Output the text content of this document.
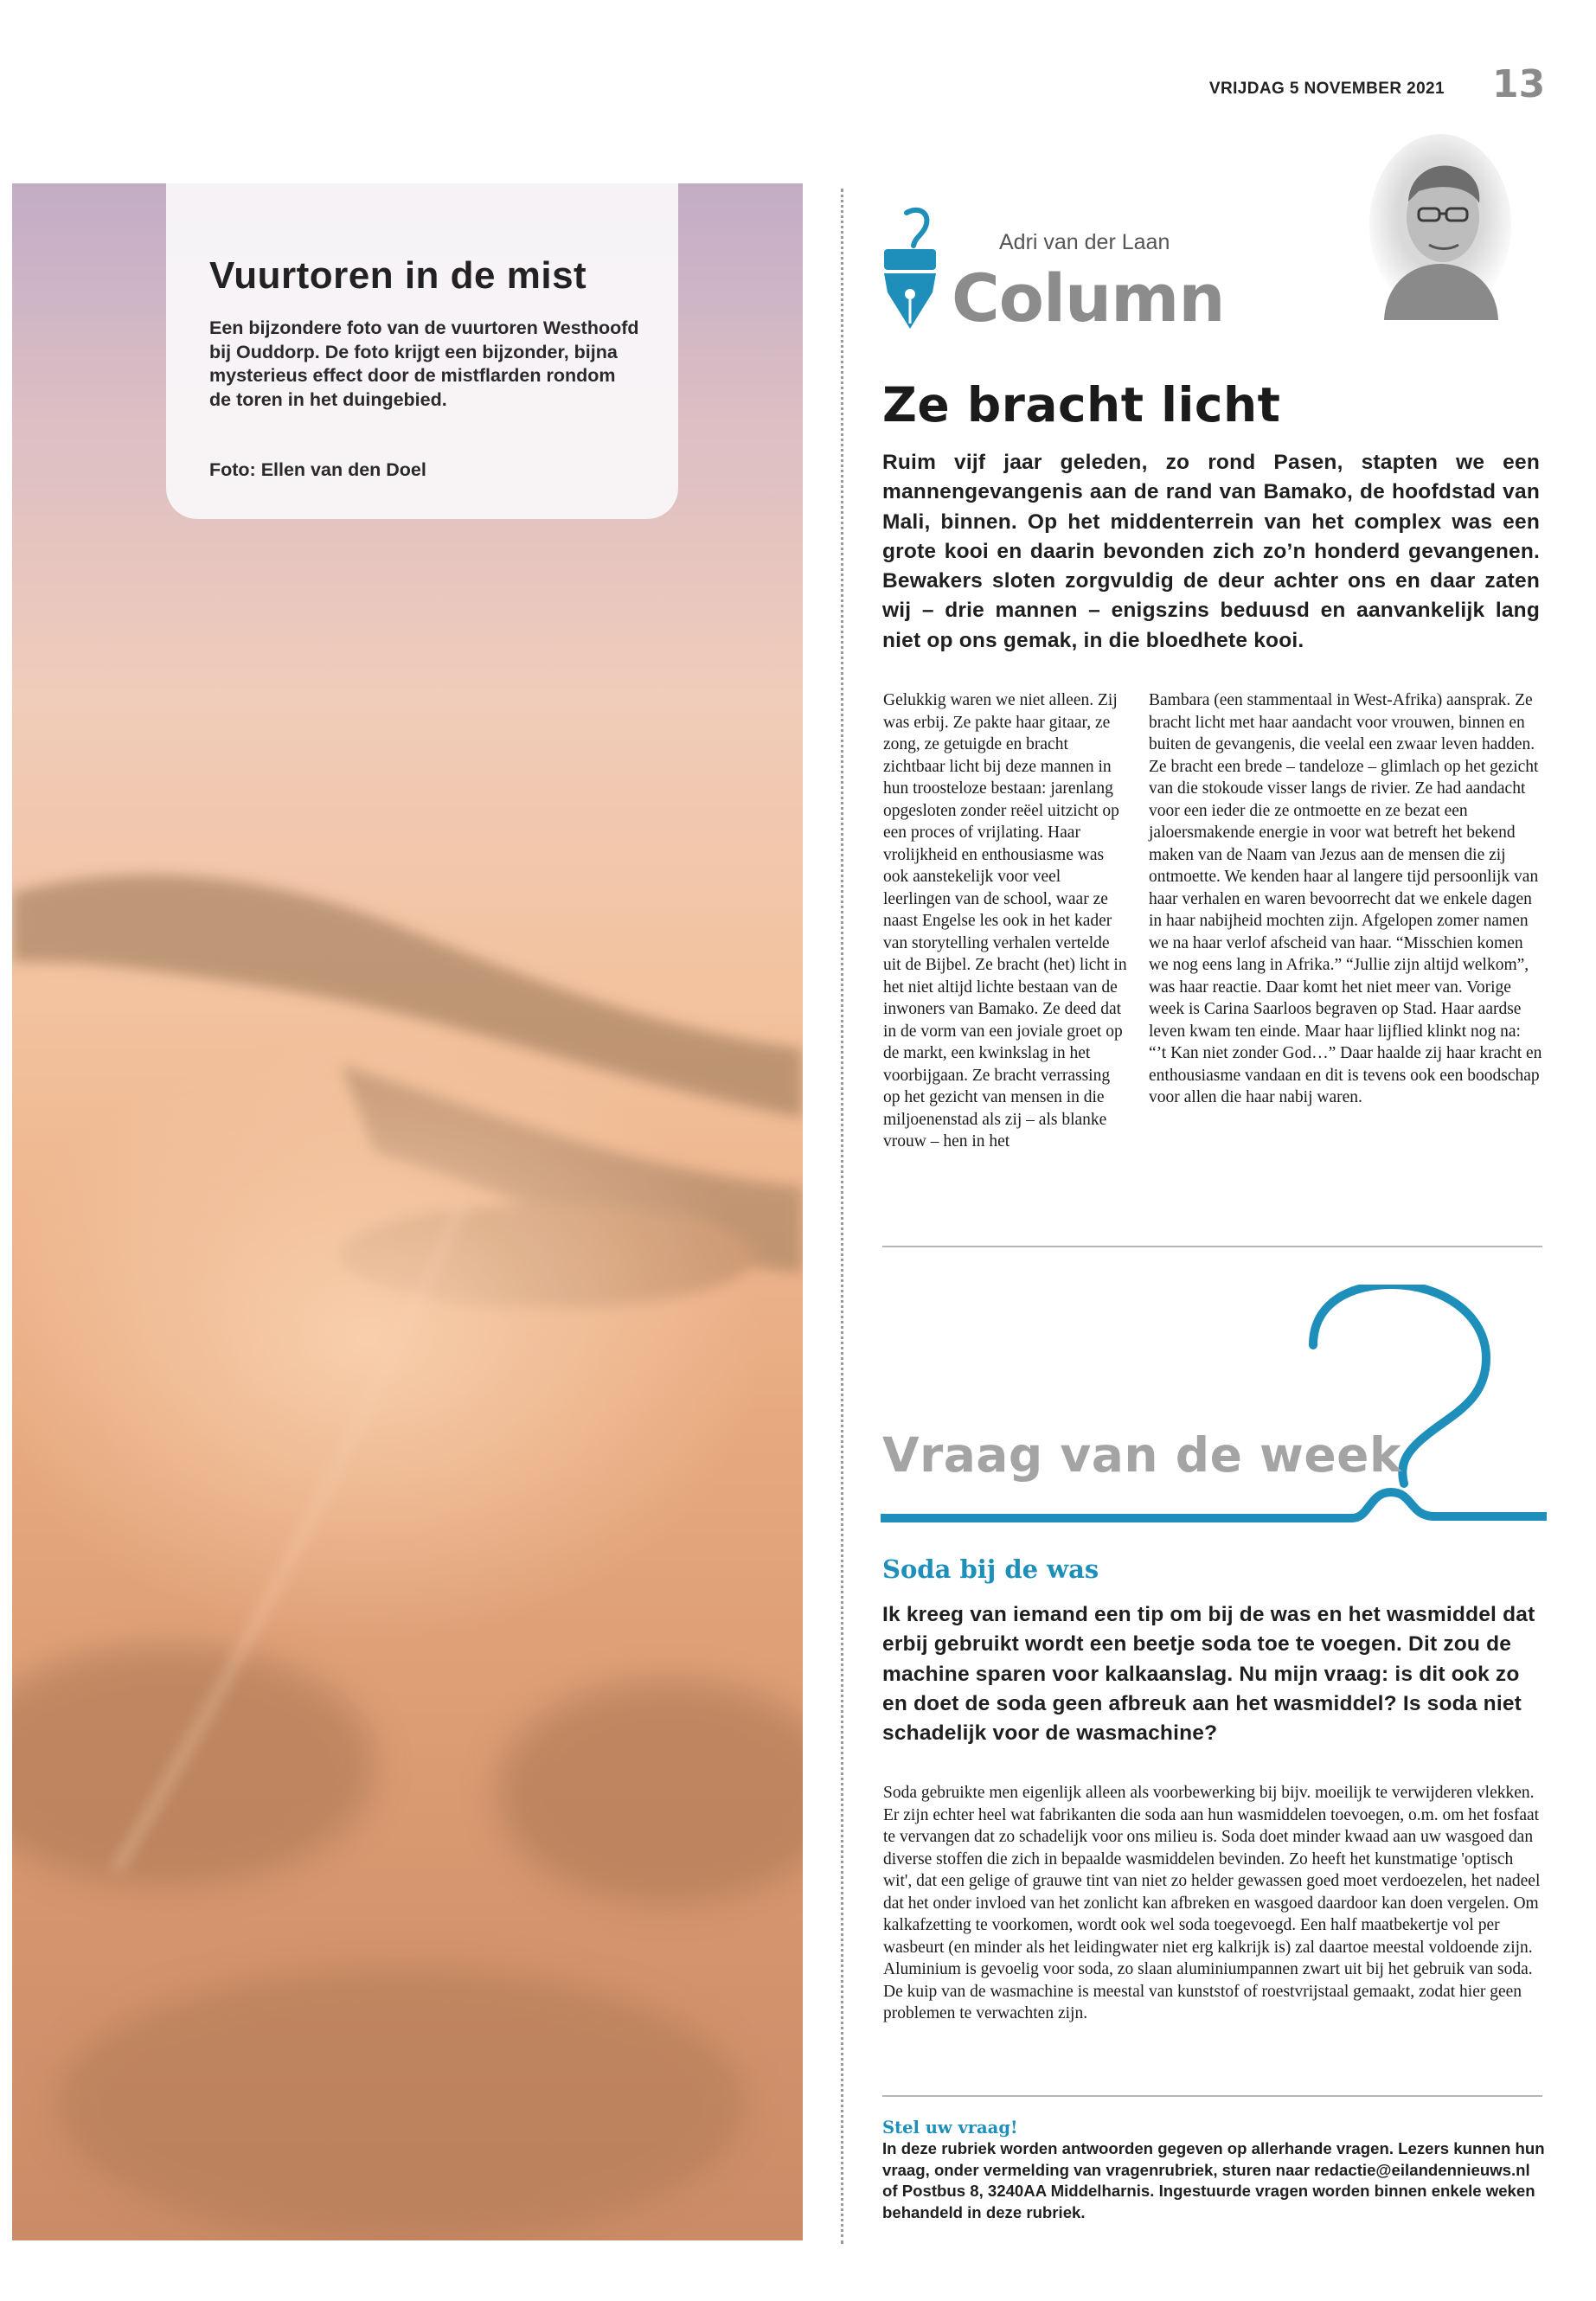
VRIJDAG 5 NOVEMBER 2021 13
Vuurtoren in de mist
Een bijzondere foto van de vuurtoren Westhoofd bij Ouddorp. De foto krijgt een bijzonder, bijna mysterieus effect door de mistflarden rondom de toren in het duingebied.
Foto: Ellen van den Doel
Adri van der Laan
Column
Ze bracht licht
Ruim vijf jaar geleden, zo rond Pasen, stapten we een mannengevangenis aan de rand van Bamako, de hoofdstad van Mali, binnen. Op het middenterrein van het complex was een grote kooi en daarin bevonden zich zo’n honderd gevangenen. Bewakers sloten zorgvuldig de deur achter ons en daar zaten wij – drie mannen – enigszins beduusd en aanvankelijk lang niet op ons gemak, in die bloedhete kooi.
Gelukkig waren we niet alleen. Zij was erbij. Ze pakte haar gitaar, ze zong, ze getuigde en bracht zichtbaar licht bij deze mannen in hun troosteloze bestaan: jarenlang opgesloten zonder reëel uitzicht op een proces of vrijlating. Haar vrolijkheid en enthousiasme was ook aanstekelijk voor veel leerlingen van de school, waar ze naast Engelse les ook in het kader van storytelling verhalen vertelde uit de Bijbel. Ze bracht (het) licht in het niet altijd lichte bestaan van de inwoners van Bamako. Ze deed dat in de vorm van een joviale groet op de markt, een kwinkslag in het voorbijgaan. Ze bracht verrassing op het gezicht van mensen in die miljoenenstad als zij – als blanke vrouw – hen in het
Bambara (een stammentaal in West-Afrika) aansprak. Ze bracht licht met haar aandacht voor vrouwen, binnen en buiten de gevangenis, die veelal een zwaar leven hadden. Ze bracht een brede – tandeloze – glimlach op het gezicht van die stokoude visser langs de rivier. Ze had aandacht voor een ieder die ze ontmoette en ze bezat een jaloersmakende energie in voor wat betreft het bekend maken van de Naam van Jezus aan de mensen die zij ontmoette. We kenden haar al langere tijd persoonlijk van haar verhalen en waren bevoorrecht dat we enkele dagen in haar nabijheid mochten zijn. Afgelopen zomer namen we na haar verlof afscheid van haar. “Misschien komen we nog eens lang in Afrika.” “Jullie zijn altijd welkom”, was haar reactie. Daar komt het niet meer van. Vorige week is Carina Saarloos begraven op Stad. Haar aardse leven kwam ten einde. Maar haar lijflied klinkt nog na: “’t Kan niet zonder God…” Daar haalde zij haar kracht en enthousiasme vandaan en dit is tevens ook een boodschap voor allen die haar nabij waren.
Vraag van de week
Soda bij de was
Ik kreeg van iemand een tip om bij de was en het wasmiddel dat erbij gebruikt wordt een beetje soda toe te voegen. Dit zou de machine sparen voor kalkaanslag. Nu mijn vraag: is dit ook zo en doet de soda geen afbreuk aan het wasmiddel? Is soda niet schadelijk voor de wasmachine?
Soda gebruikte men eigenlijk alleen als voorbewerking bij bijv. moeilijk te verwijderen vlekken. Er zijn echter heel wat fabrikanten die soda aan hun wasmiddelen toevoegen, o.m. om het fosfaat te vervangen dat zo schadelijk voor ons milieu is. Soda doet minder kwaad aan uw wasgoed dan diverse stoffen die zich in bepaalde wasmiddelen bevinden. Zo heeft het kunstmatige 'optisch wit', dat een gelige of grauwe tint van niet zo helder gewassen goed moet verdoezelen, het nadeel dat het onder invloed van het zonlicht kan afbreken en wasgoed daardoor kan doen vergelen. Om kalkafzetting te voorkomen, wordt ook wel soda toegevoegd. Een half maatbekertje vol per wasbeurt (en minder als het leidingwater niet erg kalkrijk is) zal daartoe meestal voldoende zijn. Aluminium is gevoelig voor soda, zo slaan aluminiumpannen zwart uit bij het gebruik van soda. De kuip van de wasmachine is meestal van kunststof of roestvrijstaal gemaakt, zodat hier geen problemen te verwachten zijn.
Stel uw vraag!
In deze rubriek worden antwoorden gegeven op allerhande vragen. Lezers kunnen hun vraag, onder vermelding van vragenrubriek, sturen naar redactie@eilandennieuws.nl of Postbus 8, 3240AA Middelharnis. Ingestuurde vragen worden binnen enkele weken behandeld in deze rubriek.
